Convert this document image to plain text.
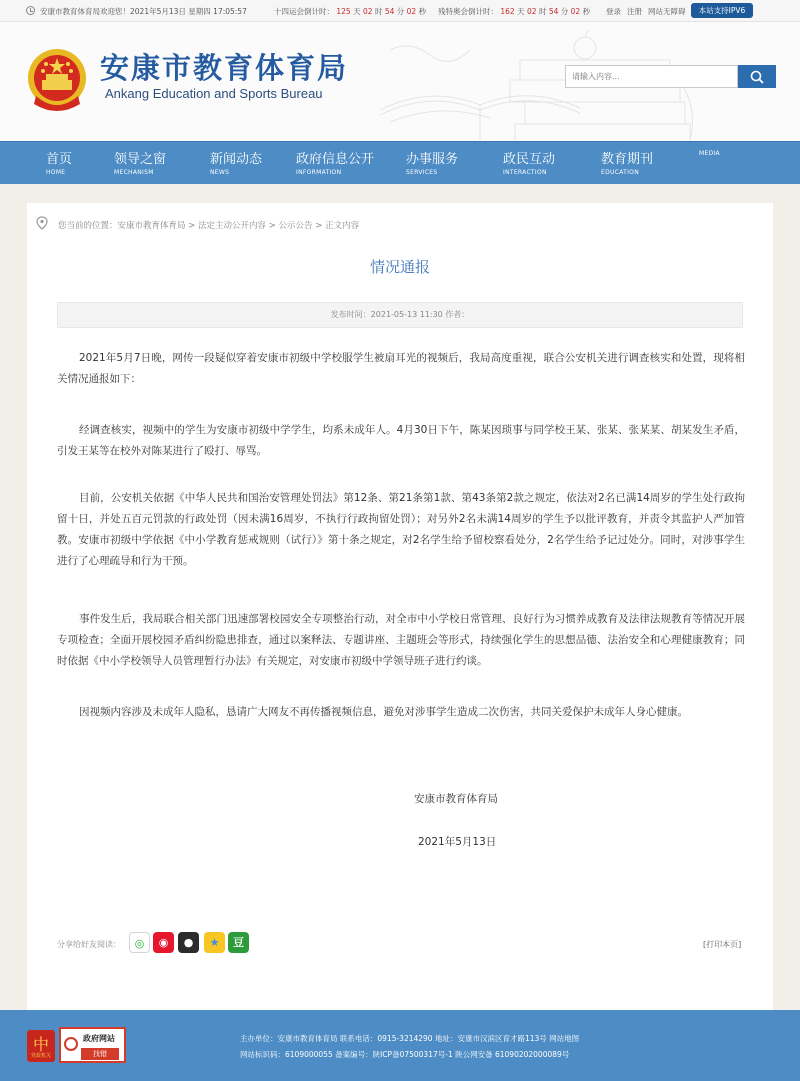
安康市教育体育局欢迎您！2021年5月13日 星期四 17:05:57	十四运会倒计时： 125 天 02 时 54 分 02 秒 残特奥会倒计时： 162 天 02 时 54 分 02 秒 登录 注册 网站无障碍	本站支持IPV6
安康市教育体育局
Ankang Education and Sports Bureau
请输入内容...
首页
HOME
领导之窗
MECHANISM
新闻动态
NEWS
政府信息公开
INFORMATION
办事服务
SERVICES
政民互动
INTERACTION
教育期刊
EDUCATION
MEDIA
您当前的位置：安康市教育体育局 > 法定主动公开内容 > 公示公告 > 正文内容
情况通报
发布时间：2021-05-13 11:30 作者：

2021年5月7日晚，网传一段疑似穿着安康市初级中学校服学生被扇耳光的视频后，我局高度重视，联合公安机关进行调查核实和处置，现将相关情况通报如下：

经调查核实，视频中的学生为安康市初级中学学生，均系未成年人。4月30日下午，陈某因琐事与同学校王某、张某、张某某、胡某发生矛盾，引发王某等在校外对陈某进行了殴打、辱骂。

目前，公安机关依据《中华人民共和国治安管理处罚法》第12条、第21条第1款、第43条第2款之规定，依法对2名已满14周岁的学生处行政拘留十日，并处五百元罚款的行政处罚（因未满16周岁，不执行行政拘留处罚）；对另外2名未满14周岁的学生予以批评教育，并责令其监护人严加管教。安康市初级中学依据《中小学教育惩戒规则（试行）》第十条之规定，对2名学生给予留校察看处分，2名学生给予记过处分。同时，对涉事学生进行了心理疏导和行为干预。

事件发生后，我局联合相关部门迅速部署校园安全专项整治行动，对全市中小学校日常管理、良好行为习惯养成教育及法律法规教育等情况开展专项检查；全面开展校园矛盾纠纷隐患排查，通过以案释法、专题讲座、主题班会等形式，持续强化学生的思想品德、法治安全和心理健康教育；同时依据《中小学校领导人员管理暂行办法》有关规定，对安康市初级中学领导班子进行约谈。

因视频内容涉及未成年人隐私，恳请广大网友不再传播视频信息，避免对涉事学生造成二次伤害，共同关爱保护未成年人身心健康。

安康市教育体育局
2021年5月13日
分享给好友阅读：	◎	◉	●	★	豆	[打印本页]
中
党政机关
政府网站
找错
主办单位：安康市教育体育局 联系电话：0915-3214290 地址：安康市汉滨区育才路113号 网站地图
网站标识码：6109000055 备案编号：陕ICP备07500317号-1 陕公网安备 61090202000089号
